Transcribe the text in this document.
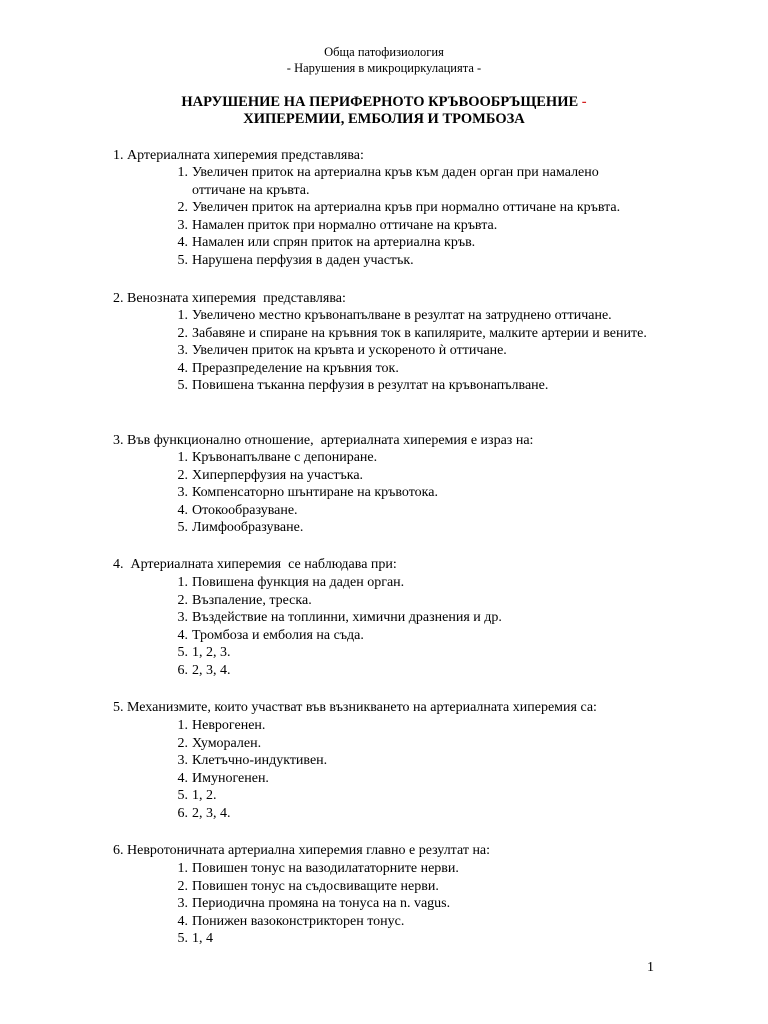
Обща патофизиология
- Нарушения в микроциркулацията -
НАРУШЕНИЕ НА ПЕРИФЕРНОТО КРЪВООБРЪЩЕНИЕ -
ХИПЕРЕМИИ, ЕМБОЛИЯ И ТРОМБОЗА
1. Артериалната хиперемия представлява:
1. Увеличен приток на артериална кръв към даден орган при намалено оттичане на кръвта.
2. Увеличен приток на артериална кръв при нормално оттичане на кръвта.
3. Намален приток при нормално оттичане на кръвта.
4. Намален или спрян приток на артериална кръв.
5. Нарушена перфузия в даден участък.
2. Венозната хиперемия  представлява:
1. Увеличено местно кръвонапълване в резултат на затруднено оттичане.
2. Забавяне и спиране на кръвния ток в капилярите, малките артерии и вените.
3. Увеличен приток на кръвта и ускореното ѝ оттичане.
4. Преразпределение на кръвния ток.
5. Повишена тъканна перфузия в резултат на кръвонапълване.
3. Във функционално отношение,  артериалната хиперемия е израз на:
1. Кръвонапълване с депониране.
2. Хиперперфузия на участъка.
3. Компенсаторно шънтиране на кръвотока.
4. Отокообразуване.
5. Лимфообразуване.
4.  Артериалната хиперемия  се наблюдава при:
1. Повишена функция на даден орган.
2. Възпаление, треска.
3. Въздействие на топлинни, химични дразнения и др.
4. Тромбоза и емболия на съда.
5. 1, 2, 3.
6. 2, 3, 4.
5. Механизмите, които участват във възникването на артериалната хиперемия са:
1. Неврогенен.
2. Хуморален.
3. Клетъчно-индуктивен.
4. Имуногенен.
5. 1, 2.
6. 2, 3, 4.
6. Невротоничната артериална хиперемия главно е резултат на:
1. Повишен тонус на вазодилататорните нерви.
2. Повишен тонус на съдосвиващите нерви.
3. Периодична промяна на тонуса на n. vagus.
4. Понижен вазоконстрикторен тонус.
5. 1, 4
1
